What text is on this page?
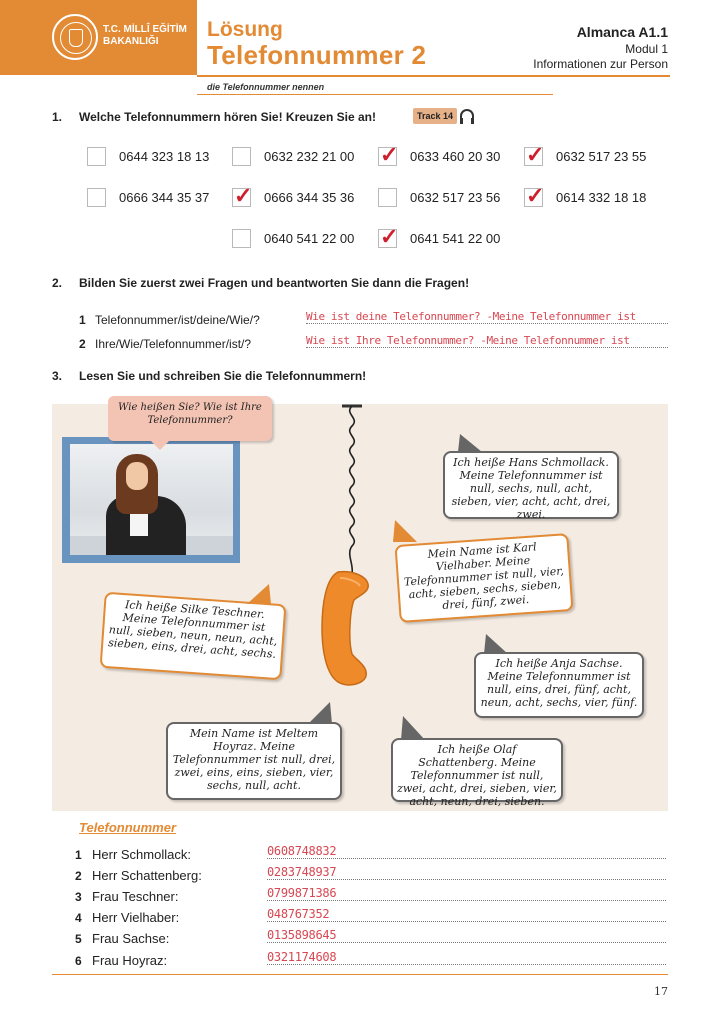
T.C. MİLLÎ EĞİTİM
BAKANLIĞI
Lösung
Telefonnummer 2
die Telefonnummer nennen
Almanca A1.1
Modul 1
Informationen zur Person
1. Welche Telefonnummern hören Sie! Kreuzen Sie an!	Track 14
0644 323 18 13	0632 232 21 00 ✓ 0633 460 20 30 ✓ 0632 517 23 55
0666 344 35 37 ✓ 0666 344 35 36	0632 517 23 56 ✓ 0614 332 18 18
0640 541 22 00 ✓ 0641 541 22 00
2. Bilden Sie zuerst zwei Fragen und beantworten Sie dann die Fragen!
1 Telefonnummer/ist/deine/Wie/?	Wie ist deine Telefonnummer? -Meine Telefonnummer ist
2 Ihre/Wie/Telefonnummer/ist/?	Wie ist Ihre Telefonnummer? -Meine Telefonnummer ist
3. Lesen Sie und schreiben Sie die Telefonnummern!
Wie heißen Sie? Wie ist Ihre Telefonnummer?
Ich heiße Hans Schmollack. Meine Telefonnummer ist null, sechs, null, acht, sieben, vier, acht, acht, drei, zwei.
Mein Name ist Karl Vielhaber. Meine Telefonnummer ist null, vier, acht, sieben, sechs, sieben, drei, fünf, zwei.
Ich heiße Silke Teschner. Meine Telefonnummer ist null, sieben, neun, neun, acht, sieben, eins, drei, acht, sechs.
Ich heiße Anja Sachse. Meine Telefonnummer ist null, eins, drei, fünf, acht, neun, acht, sechs, vier, fünf.
Mein Name ist Meltem Hoyraz. Meine Telefonnummer ist null, drei, zwei, eins, eins, sieben, vier, sechs, null, acht.
Ich heiße Olaf Schattenberg. Meine Telefonnummer ist null, zwei, acht, drei, sieben, vier, acht, neun, drei, sieben.
Telefonnummer
1 Herr Schmollack:	0608748832
2 Herr Schattenberg:	0283748937
3 Frau Teschner:	0799871386
4 Herr Vielhaber:	048767352
5 Frau Sachse:	0135898645
6 Frau Hoyraz:	0321174608
17
